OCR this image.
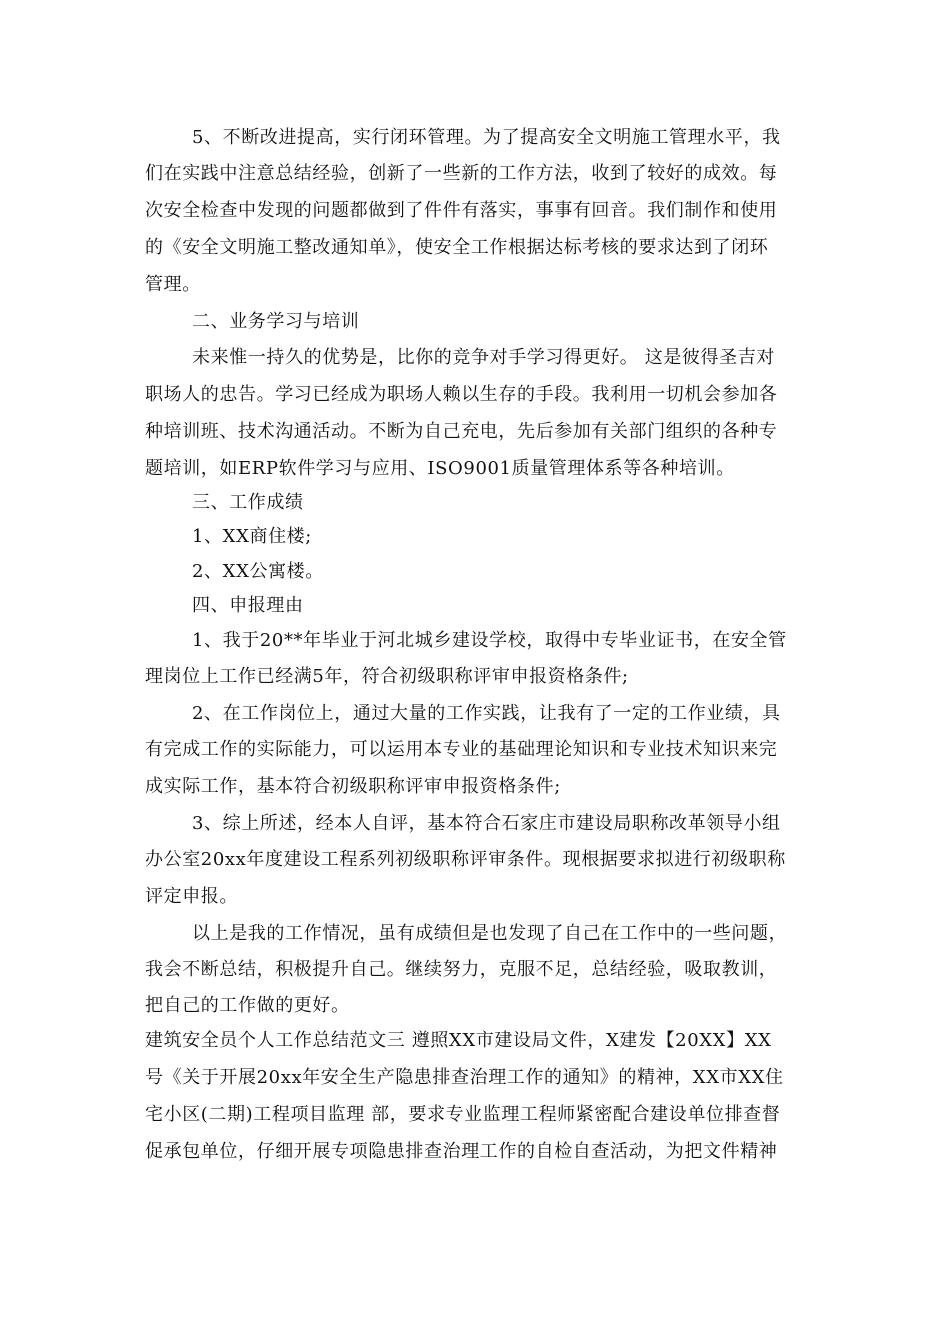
5、不断改进提高，实行闭环管理。为了提高安全文明施工管理水平，我
们在实践中注意总结经验，创新了一些新的工作方法，收到了较好的成效。每
次安全检查中发现的问题都做到了件件有落实，事事有回音。我们制作和使用
的《安全文明施工整改通知单》，使安全工作根据达标考核的要求达到了闭环
管理。
二、业务学习与培训
未来惟一持久的优势是，比你的竞争对手学习得更好。 这是彼得圣吉对
职场人的忠告。学习已经成为职场人赖以生存的手段。我利用一切机会参加各
种培训班、技术沟通活动。不断为自己充电，先后参加有关部门组织的各种专
题培训，如ERP软件学习与应用、ISO9001质量管理体系等各种培训。
三、工作成绩
1、XX商住楼;
2、XX公寓楼。
四、申报理由
1、我于20**年毕业于河北城乡建设学校，取得中专毕业证书，在安全管
理岗位上工作已经满5年，符合初级职称评审申报资格条件;
2、在工作岗位上，通过大量的工作实践，让我有了一定的工作业绩，具
有完成工作的实际能力，可以运用本专业的基础理论知识和专业技术知识来完
成实际工作，基本符合初级职称评审申报资格条件;
3、综上所述，经本人自评，基本符合石家庄市建设局职称改革领导小组
办公室20xx年度建设工程系列初级职称评审条件。现根据要求拟进行初级职称
评定申报。
以上是我的工作情况，虽有成绩但是也发现了自己在工作中的一些问题，
我会不断总结，积极提升自己。继续努力，克服不足，总结经验，吸取教训，
把自己的工作做的更好。
建筑安全员个人工作总结范文三 遵照XX市建设局文件，X建发【20XX】XX
号《关于开展20xx年安全生产隐患排查治理工作的通知》的精神，XX市XX住
宅小区(二期)工程项目监理 部，要求专业监理工程师紧密配合建设单位排查督
促承包单位，仔细开展专项隐患排查治理工作的自检自查活动，为把文件精神
